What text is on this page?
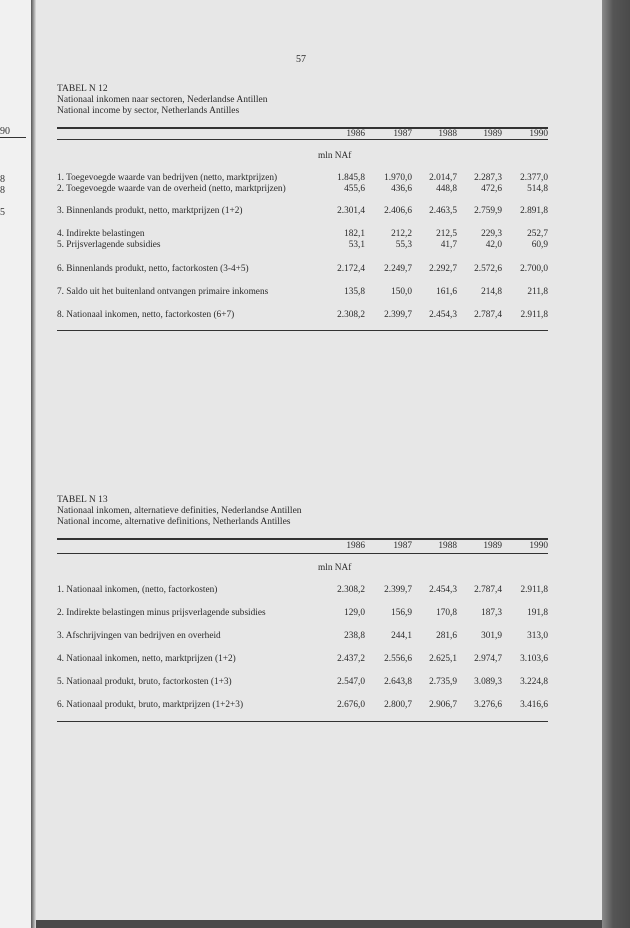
90
8
8
5
57
TABEL N 12
Nationaal inkomen naar sectoren, Nederlandse Antillen
National income by sector, Netherlands Antilles
1986	1987	1988	1989	1990
mln NAf
1. Toegevoegde waarde van bedrijven (netto, marktprijzen)	1.845,8	1.970,0	2.014,7	2.287,3	2.377,0
2. Toegevoegde waarde van de overheid (netto, marktprijzen)	455,6	436,6	448,8	472,6	514,8
3. Binnenlands produkt, netto, marktprijzen (1+2)	2.301,4	2.406,6	2.463,5	2.759,9	2.891,8
4. Indirekte belastingen	182,1	212,2	212,5	229,3	252,7
5. Prijsverlagende subsidies	53,1	55,3	41,7	42,0	60,9
6. Binnenlands produkt, netto, factorkosten (3-4+5)	2.172,4	2.249,7	2.292,7	2.572,6	2.700,0
7. Saldo uit het buitenland ontvangen primaire inkomens	135,8	150,0	161,6	214,8	211,8
8. Nationaal inkomen, netto, factorkosten (6+7)	2.308,2	2.399,7	2.454,3	2.787,4	2.911,8
TABEL N 13
Nationaal inkomen, alternatieve definities, Nederlandse Antillen
National income, alternative definitions, Netherlands Antilles
1986	1987	1988	1989	1990
mln NAf
1. Nationaal inkomen, (netto, factorkosten)	2.308,2	2.399,7	2.454,3	2.787,4	2.911,8
2. Indirekte belastingen minus prijsverlagende subsidies	129,0	156,9	170,8	187,3	191,8
3. Afschrijvingen van bedrijven en overheid	238,8	244,1	281,6	301,9	313,0
4. Nationaal inkomen, netto, marktprijzen (1+2)	2.437,2	2.556,6	2.625,1	2.974,7	3.103,6
5. Nationaal produkt, bruto, factorkosten (1+3)	2.547,0	2.643,8	2.735,9	3.089,3	3.224,8
6. Nationaal produkt, bruto, marktprijzen (1+2+3)	2.676,0	2.800,7	2.906,7	3.276,6	3.416,6
